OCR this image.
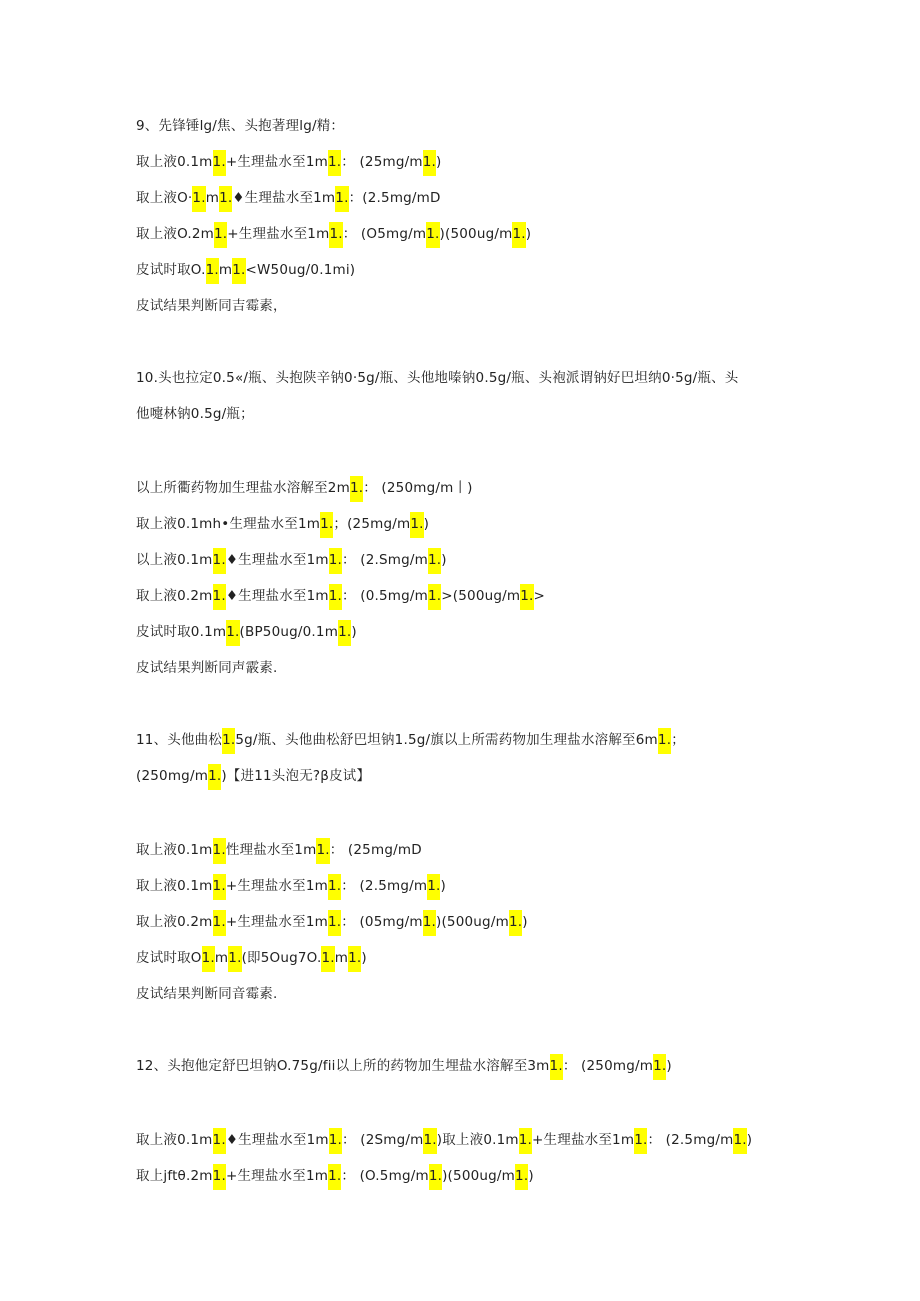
9、先锋锤lg/焦、头抱著理lg/精：
取上液0.1m1.+生理盐水至1m1.： (25mg/m1.)
取上液O·1.m1.♦生理盐水至1m1.：(2.5mg/mD
取上液O.2m1.+生理盐水至1m1.： (O5mg/m1.)(500ug/m1.)
皮试时取O.1.m1.<W50ug/0.1mi)
皮试结果判断同吉霉素，
10.头也拉定0.5«/瓶、头抱陕辛钠0·5g/瓶、头他地嗪钠0.5g/瓶、头袍派谓钠好巴坦纳0·5g/瓶、头
他嚏林钠0.5g/瓶；
以上所衢药物加生理盐水溶解至2m1.： (250mg/m丨)
取上液0.1mh•生理盐水至1m1.；(25mg/m1.)
以上液0.1m1.♦生理盐水至1m1.： (2.Smg/m1.)
取上液0.2m1.♦生理盐水至1m1.： (0.5mg/m1.>(500ug/m1.>
皮试时取0.1m1.(BP50ug/0.1m1.)
皮试结果判断同声霰素.
11、头他曲松1.5g/瓶、头他曲松舒巴坦钠1.5g/旗以上所需药物加生理盐水溶解至6m1.；
(250mg/m1.)【进11头泡无?β皮试】
取上液0.1m1.性理盐水至1m1.： (25mg/mD
取上液0.1m1.+生理盐水至1m1.： (2.5mg/m1.)
取上液0.2m1.+生理盐水至1m1.： (05mg/m1.)(500ug/m1.)
皮试时取O1.m1.(即5Oug7O.1.m1.)
皮试结果判断同音霉素.
12、头抱他定舒巴坦钠O.75g/fii以上所的药物加生埋盐水溶解至3m1.： (250mg/m1.)
取上液0.1m1.♦生理盐水至1m1.： (2Smg/m1.)取上液0.1m1.+生理盐水至1m1.： (2.5mg/m1.)
取上jftθ.2m1.+生理盐水至1m1.： (O.5mg/m1.)(500ug/m1.)
